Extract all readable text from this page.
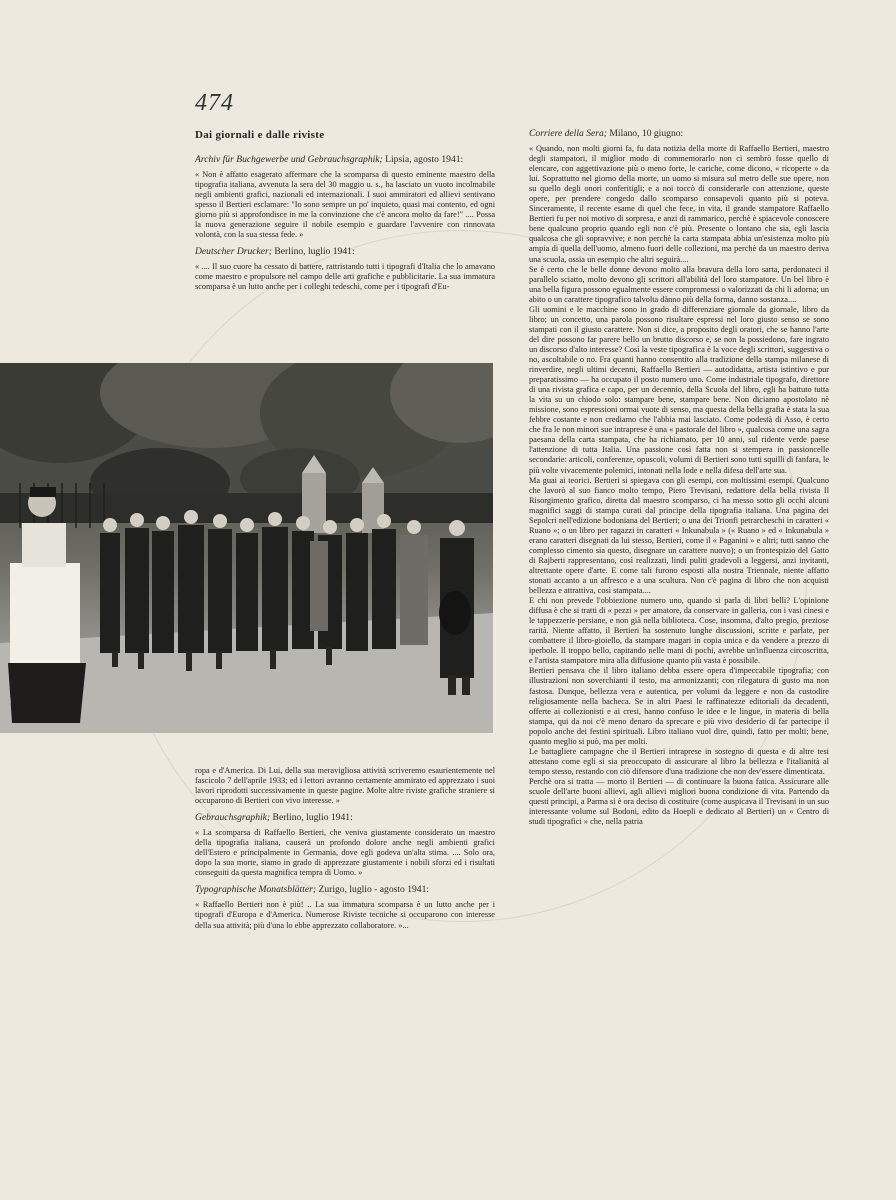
474

Dai giornali e dalle riviste

Archiv für Buchgewerbe und Gebrauchsgraphik; Lipsia, agosto 1941:

« Non è affatto esagerato affermare che la scomparsa di questo eminente maestro della tipografia italiana, avvenuta la sera del 30 maggio u. s., ha lasciato un vuoto incolmabile negli ambienti grafici, nazionali ed internazionali. I suoi ammiratori ed allievi sentivano spesso il Bertieri esclamare: "Io sono sempre un po' inquieto, quasi mai contento, ed ogni giorno più si approfondisce in me la convinzione che c'è ancora molto da fare!" .... Possa la nuova generazione seguire il nobile esempio e guardare l'avvenire con rinnovata volontà, con la sua stessa fede. »

Deutscher Drucker; Berlino, luglio 1941:

« .... Il suo cuore ha cessato di battere, rattristando tutti i tipografi d'Italia che lo amavano come maestro e propulsore nel campo delle arti grafiche e pubblicitarie. La sua immatura scomparsa è un lutto anche per i colleghi tedeschi, come per i tipografi d'Eu-

ropa e d'America. Di Lui, della sua meravigliosa attività scriveremo esaurientemente nel fascicolo 7 dell'aprile 1933; ed i lettori avranno certamente ammirato ed apprezzato i suoi lavori riprodotti successivamente in queste pagine. Molte altre riviste grafiche straniere si occuparono di Bertieri con vivo interesse. »

Gebrauchsgraphik; Berlino, luglio 1941:

« La scomparsa di Raffaello Bertieri, che veniva giustamente considerato un maestro della tipografia italiana, causerà un profondo dolore anche negli ambienti grafici dell'Estero e principalmente in Germania, dove egli godeva un'alta stima. .... Solo ora, dopo la sua morte, siamo in grado di apprezzare giustamente i nobili sforzi ed i risultati conseguiti da questa magnifica tempra di Uomo. »

Typographische Monatsblätter; Zurigo, luglio - agosto 1941:

« Raffaello Bertieri non è più! .. La sua immatura scomparsa è un lutto anche per i tipografi d'Europa e d'America. Numerose Riviste tecniche si occuparono con interesse della sua attività; più d'una lo ebbe apprezzato collaboratore. »...

Corriere della Sera; Milano, 10 giugno:

« Quando, non molti giorni fa, fu data notizia della morte di Raffaello Bertieri, maestro degli stampatori, il miglior modo di commemorarlo non ci sembrò fosse quello di elencare, con aggettivazione più o meno forte, le cariche, come dicono, « ricoperte » da lui. Soprattutto nel giorno della morte, un uomo si misura sul metro delle sue opere, non su quello degli onori conferitigli; e a noi toccò di considerarle con attenzione, queste opere, per prendere congedo dallo scomparso consapevoli quanto più si poteva. Sinceramente, il recente esame di quel che fece, in vita, il grande stampatore Raffaello Bertieri fu per noi motivo di sorpresa, e anzi di rammarico, perchè è spiacevole conoscere bene qualcuno proprio quando egli non c'è più. Presente o lontano che sia, egli lascia qualcosa che gli sopravvive; e non perchè la carta stampata abbia un'esistenza molto più ampia di quella dell'uomo, almeno fuori delle collezioni, ma perchè da un maestro deriva una scuola, ossia un esempio che altri seguirà....

Se è certo che le belle donne devono molto alla bravura della loro sarta, perdonateci il parallelo sciatto, molto devono gli scrittori all'abilità del loro stampatore. Un bel libro è una bella figura possono egualmente essere compromessi o valorizzati da chi li adorna; un abito o un carattere tipografico talvolta dànno più della forma, danno sostanza....

Gli uomini e le macchine sono in grado di differenziare giornale da giornale, libro da libro; un concetto, una parola possono risultare espressi nel loro giusto senso se sono stampati con il giusto carattere. Non si dice, a proposito degli oratori, che se hanno l'arte del dire possono far parere bello un brutto discorso e, se non la possiedono, fare ingrato un discorso d'alto interesse? Così la veste tipografica è la voce degli scrittori, suggestiva o no, ascoltabile o no. Fra quanti hanno consentito alla tradizione della stampa milanese di rinverdire, negli ultimi decenni, Raffaello Bertieri — autodidatta, artista istintivo e pur preparatissimo — ha occupato il posto numero uno. Come industriale tipografo, direttore di una rivista grafica e capo, per un decennio, della Scuola del libro, egli ha battuto tutta la vita su un chiodo solo: stampare bene, stampare bene. Non diciamo apostolato nè missione, sono espressioni ormai vuote di senso, ma questa della bella grafia è stata la sua febbre costante e non crediamo che l'abbia mai lasciato. Come podestà di Asso, è certo che fra le non minori sue intraprese è una « pastorale del libro », qualcosa come una sagra paesana della carta stampata, che ha richiamato, per 10 anni, sul ridente verde paese l'attenzione di tutta Italia. Una passione così fatta non si stempera in passioncelle secondarie: articoli, conferenze, opuscoli, volumi di Bertieri sono tutti squilli di fanfara, le più volte vivacemente polemici, intonati nella lode e nella difesa dell'arte sua.

Ma guai ai teorici. Bertieri si spiegava con gli esempi, con moltissimi esempi. Qualcuno che lavorò al suo fianco molto tempo, Piero Trevisani, redattore della bella rivista Il Risorgimento grafico, diretta dal maestro scomparso, ci ha messo sotto gli occhi alcuni magnifici saggi di stampa curati dal principe della tipografia italiana. Una pagina dei Sepolcri nell'edizione bodoniana del Bertieri; o una dei Trionfi petrarcheschi in caratteri « Ruano »; o un libro per ragazzi in caratteri « Inkunabula » (« Ruano » ed « Inkunabula » erano caratteri disegnati da lui stesso, Bertieri, come il « Paganini » e altri; tutti sanno che complesso cimento sia questo, disegnare un carattere nuovo); o un frontespizio del Gatto di Rajberti rappresentano, così realizzati, lindi puliti gradevoli a leggersi, anzi invitanti, altrettante opere d'arte. E come tali furono esposti alla nostra Triennale, niente affatto stonati accanto a un affresco e a una scultura. Non c'è pagina di libro che non acquisti bellezza e attrattiva, così stampata....

E chi non prevede l'obbiezione numero uno, quando si parla di libri belli? L'opinione diffusa è che si tratti di « pezzi » per amatore, da conservare in galleria, con i vasi cinesi e le tappezzerie persiane, e non già nella biblioteca. Cose, insomma, d'alto pregio, preziose rarità. Niente affatto, il Bertieri ha sostenuto lunghe discussioni, scritte e parlate, per combattere il libro-gioiello, da stampare magari in copia unica e da vendere a prezzo di iperbole. Il troppo bello, capitando nelle mani di pochi, avrebbe un'influenza circoscritta, e l'artista stampatore mira alla diffusione quanto più vasta è possibile.

Bertieri pensava che il libro italiano debba essere opera d'impeccabile tipografia; con illustrazioni non soverchianti il testo, ma armonizzanti; con rilegatura di gusto ma non fastosa. Dunque, bellezza vera e autentica, per volumi da leggere e non da custodire religiosamente nella bacheca. Se in altri Paesi le raffinatezze editoriali da decadenti, offerte ai collezionisti e ai cresi, hanno confuso le idee e le lingue, in materia di bella stampa, qui da noi c'è meno denaro da sprecare e più vivo desiderio di far partecipe il popolo anche dei festini spirituali. Libro italiano vuol dire, quindi, fatto per molti; bene, quanto meglio si può, ma per molti.

Le battagliere campagne che il Bertieri intraprese in sostegno di questa e di altre tesi attestano come egli si sia preoccupato di assicurare al libro la bellezza e l'italianità al tempo stesso, restando con ciò difensore d'una tradizione che non dev'essere dimenticata.

Perchè ora si tratta — morto il Bertieri — di continuare la buona fatica. Assicurare alle scuole dell'arte buoni allievi, agli allievi migliori buona condizione di vita. Partendo da questi principi, a Parma si è ora deciso di costituire (come auspicava il Trevisani in un suo interessante volume sul Bodoni, edito da Hoepli e dedicato al Bertieri) un « Centro di studi tipografici » che, nella patria
